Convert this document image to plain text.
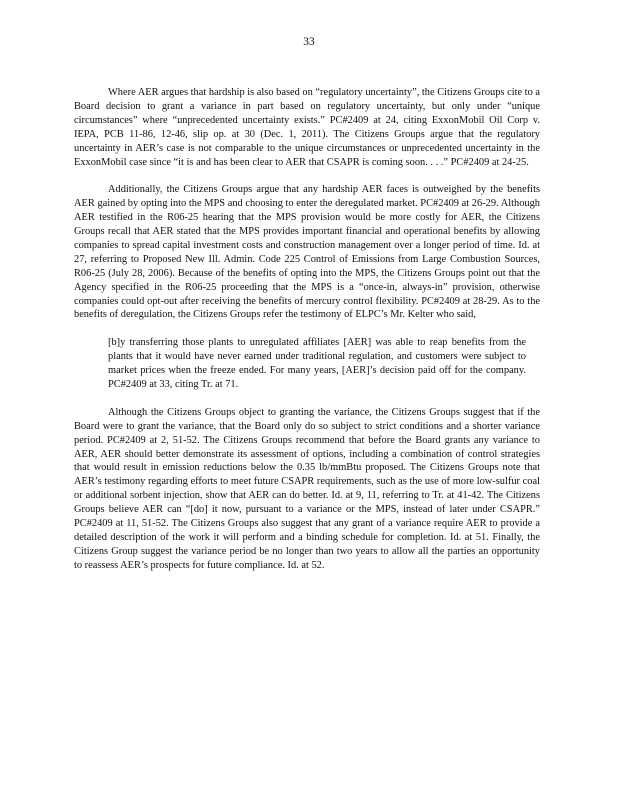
33

Where AER argues that hardship is also based on “regulatory uncertainty”, the Citizens Groups cite to a Board decision to grant a variance in part based on regulatory uncertainty, but only under “unique circumstances” where “unprecedented uncertainty exists.” PC#2409 at 24, citing ExxonMobil Oil Corp v. IEPA, PCB 11-86, 12-46, slip op. at 30 (Dec. 1, 2011). The Citizens Groups argue that the regulatory uncertainty in AER’s case is not comparable to the unique circumstances or unprecedented uncertainty in the ExxonMobil case since “it is and has been clear to AER that CSAPR is coming soon. . . .” PC#2409 at 24-25.

Additionally, the Citizens Groups argue that any hardship AER faces is outweighed by the benefits AER gained by opting into the MPS and choosing to enter the deregulated market. PC#2409 at 26-29. Although AER testified in the R06-25 hearing that the MPS provision would be more costly for AER, the Citizens Groups recall that AER stated that the MPS provides important financial and operational benefits by allowing companies to spread capital investment costs and construction management over a longer period of time. Id. at 27, referring to Proposed New Ill. Admin. Code 225 Control of Emissions from Large Combustion Sources, R06-25 (July 28, 2006). Because of the benefits of opting into the MPS, the Citizens Groups point out that the Agency specified in the R06-25 proceeding that the MPS is a “once-in, always-in” provision, otherwise companies could opt-out after receiving the benefits of mercury control flexibility. PC#2409 at 28-29. As to the benefits of deregulation, the Citizens Groups refer the testimony of ELPC’s Mr. Kelter who said,

[b]y transferring those plants to unregulated affiliates [AER] was able to reap benefits from the plants that it would have never earned under traditional regulation, and customers were subject to market prices when the freeze ended. For many years, [AER]’s decision paid off for the company. PC#2409 at 33, citing Tr. at 71.

Although the Citizens Groups object to granting the variance, the Citizens Groups suggest that if the Board were to grant the variance, that the Board only do so subject to strict conditions and a shorter variance period. PC#2409 at 2, 51-52. The Citizens Groups recommend that before the Board grants any variance to AER, AER should better demonstrate its assessment of options, including a combination of control strategies that would result in emission reductions below the 0.35 lb/mmBtu proposed. The Citizens Groups note that AER’s testimony regarding efforts to meet future CSAPR requirements, such as the use of more low-sulfur coal or additional sorbent injection, show that AER can do better. Id. at 9, 11, referring to Tr. at 41-42. The Citizens Groups believe AER can “[do] it now, pursuant to a variance or the MPS, instead of later under CSAPR.” PC#2409 at 11, 51-52. The Citizens Groups also suggest that any grant of a variance require AER to provide a detailed description of the work it will perform and a binding schedule for completion. Id. at 51. Finally, the Citizens Group suggest the variance period be no longer than two years to allow all the parties an opportunity to reassess AER’s prospects for future compliance. Id. at 52.
